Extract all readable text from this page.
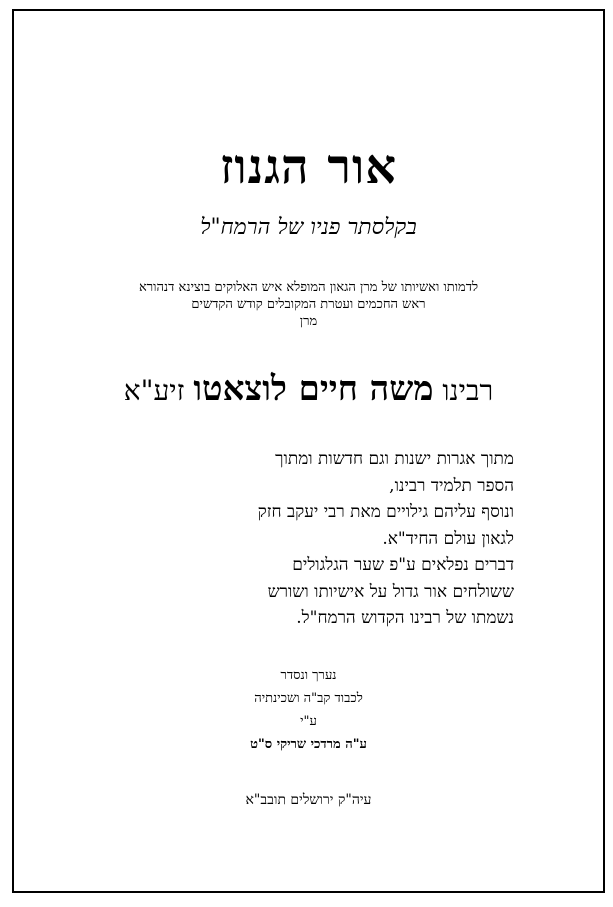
אור הגנוז
בקלסתר פניו של הרמח"ל
לדמותו ואשיותו של מרן הגאון המופלא איש האלוקים בוצינא דנהורא
ראש החכמים ועטרת המקובלים קודש הקדשים
מרן
רבינו משה חיים לוצאטו זיע"א
מתוך אגרות ישנות וגם חדשות ומתוך
הספר תלמיד רבינו,
ונוסף עליהם גילויים מאת רבי יעקב חזק
לגאון עולם החיד"א.
דברים נפלאים ע"פ שער הגלגולים
ששולחים אור גדול על אישיותו ושורש
נשמתו של רבינו הקדוש הרמח"ל.
נערך ונסדר
לכבוד קב"ה ושכינתיה
ע"י
ע"ה מרדכי שריקי ס"ט
עיה"ק ירושלים תובב"א
